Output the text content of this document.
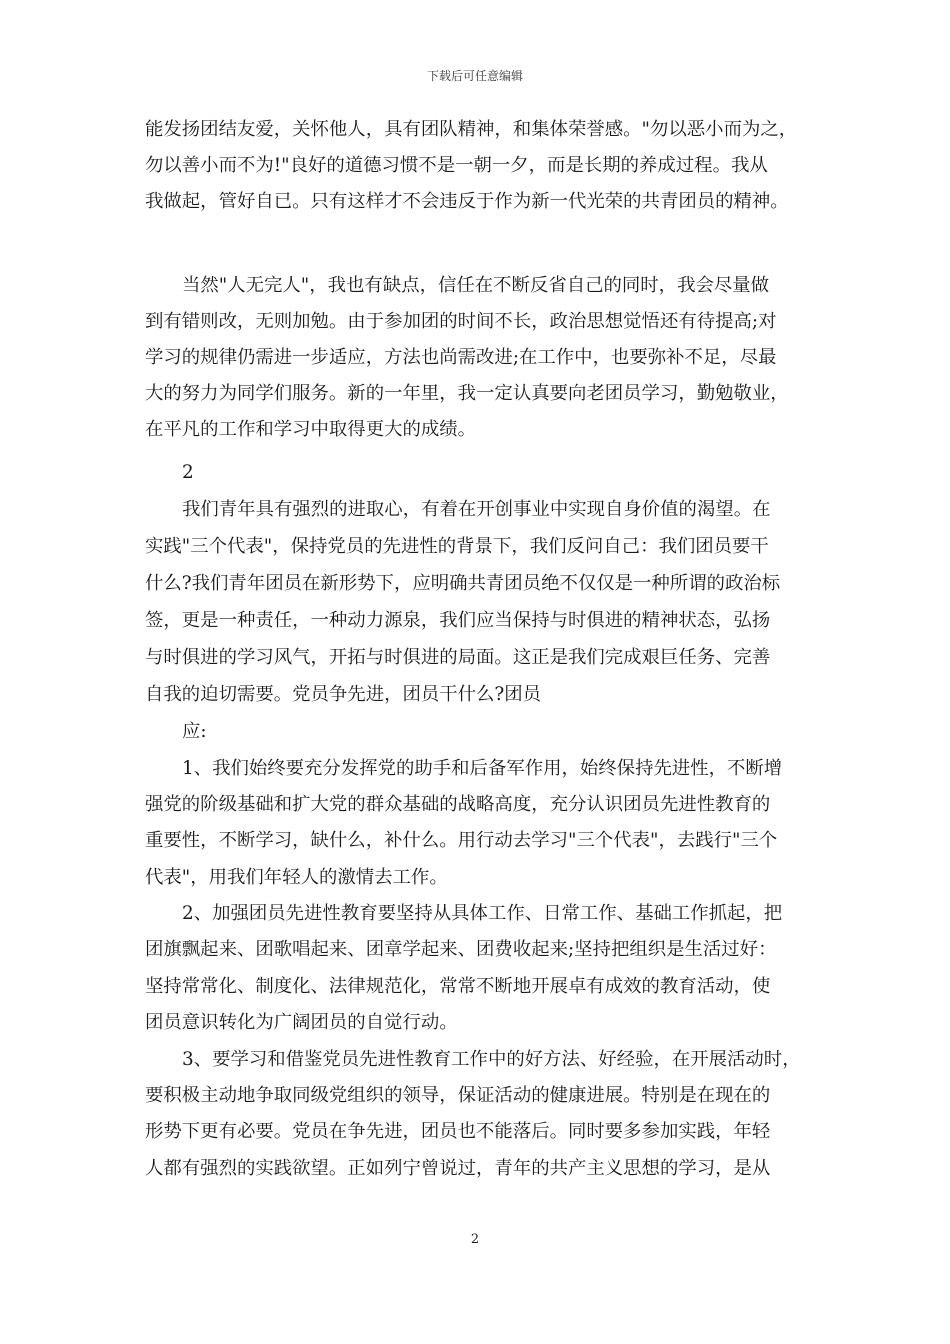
下载后可任意编辑
能发扬团结友爱，关怀他人，具有团队精神，和集体荣誉感。"勿以恶小而为之，
勿以善小而不为!"良好的道德习惯不是一朝一夕，而是长期的养成过程。我从
我做起，管好自已。只有这样才不会违反于作为新一代光荣的共青团员的精神。
当然"人无完人"，我也有缺点，信任在不断反省自己的同时，我会尽量做
到有错则改，无则加勉。由于参加团的时间不长，政治思想觉悟还有待提高;对
学习的规律仍需进一步适应，方法也尚需改进;在工作中，也要弥补不足，尽最
大的努力为同学们服务。新的一年里，我一定认真要向老团员学习，勤勉敬业，
在平凡的工作和学习中取得更大的成绩。
2
我们青年具有强烈的进取心，有着在开创事业中实现自身价值的渴望。在
实践"三个代表"，保持党员的先进性的背景下，我们反问自己：我们团员要干
什么?我们青年团员在新形势下，应明确共青团员绝不仅仅是一种所谓的政治标
签，更是一种责任，一种动力源泉，我们应当保持与时俱进的精神状态，弘扬
与时俱进的学习风气，开拓与时俱进的局面。这正是我们完成艰巨任务、完善
自我的迫切需要。党员争先进，团员干什么?团员
应:
1、我们始终要充分发挥党的助手和后备军作用，始终保持先进性，不断增
强党的阶级基础和扩大党的群众基础的战略高度，充分认识团员先进性教育的
重要性，不断学习，缺什么，补什么。用行动去学习"三个代表"，去践行"三个
代表"，用我们年轻人的激情去工作。
2、加强团员先进性教育要坚持从具体工作、日常工作、基础工作抓起，把
团旗飘起来、团歌唱起来、团章学起来、团费收起来;坚持把组织是生活过好：
坚持常常化、制度化、法律规范化，常常不断地开展卓有成效的教育活动，使
团员意识转化为广阔团员的自觉行动。
3、要学习和借鉴党员先进性教育工作中的好方法、好经验，在开展活动时，
要积极主动地争取同级党组织的领导，保证活动的健康进展。特别是在现在的
形势下更有必要。党员在争先进，团员也不能落后。同时要多参加实践，年轻
人都有强烈的实践欲望。正如列宁曾说过，青年的共产主义思想的学习，是从
2
